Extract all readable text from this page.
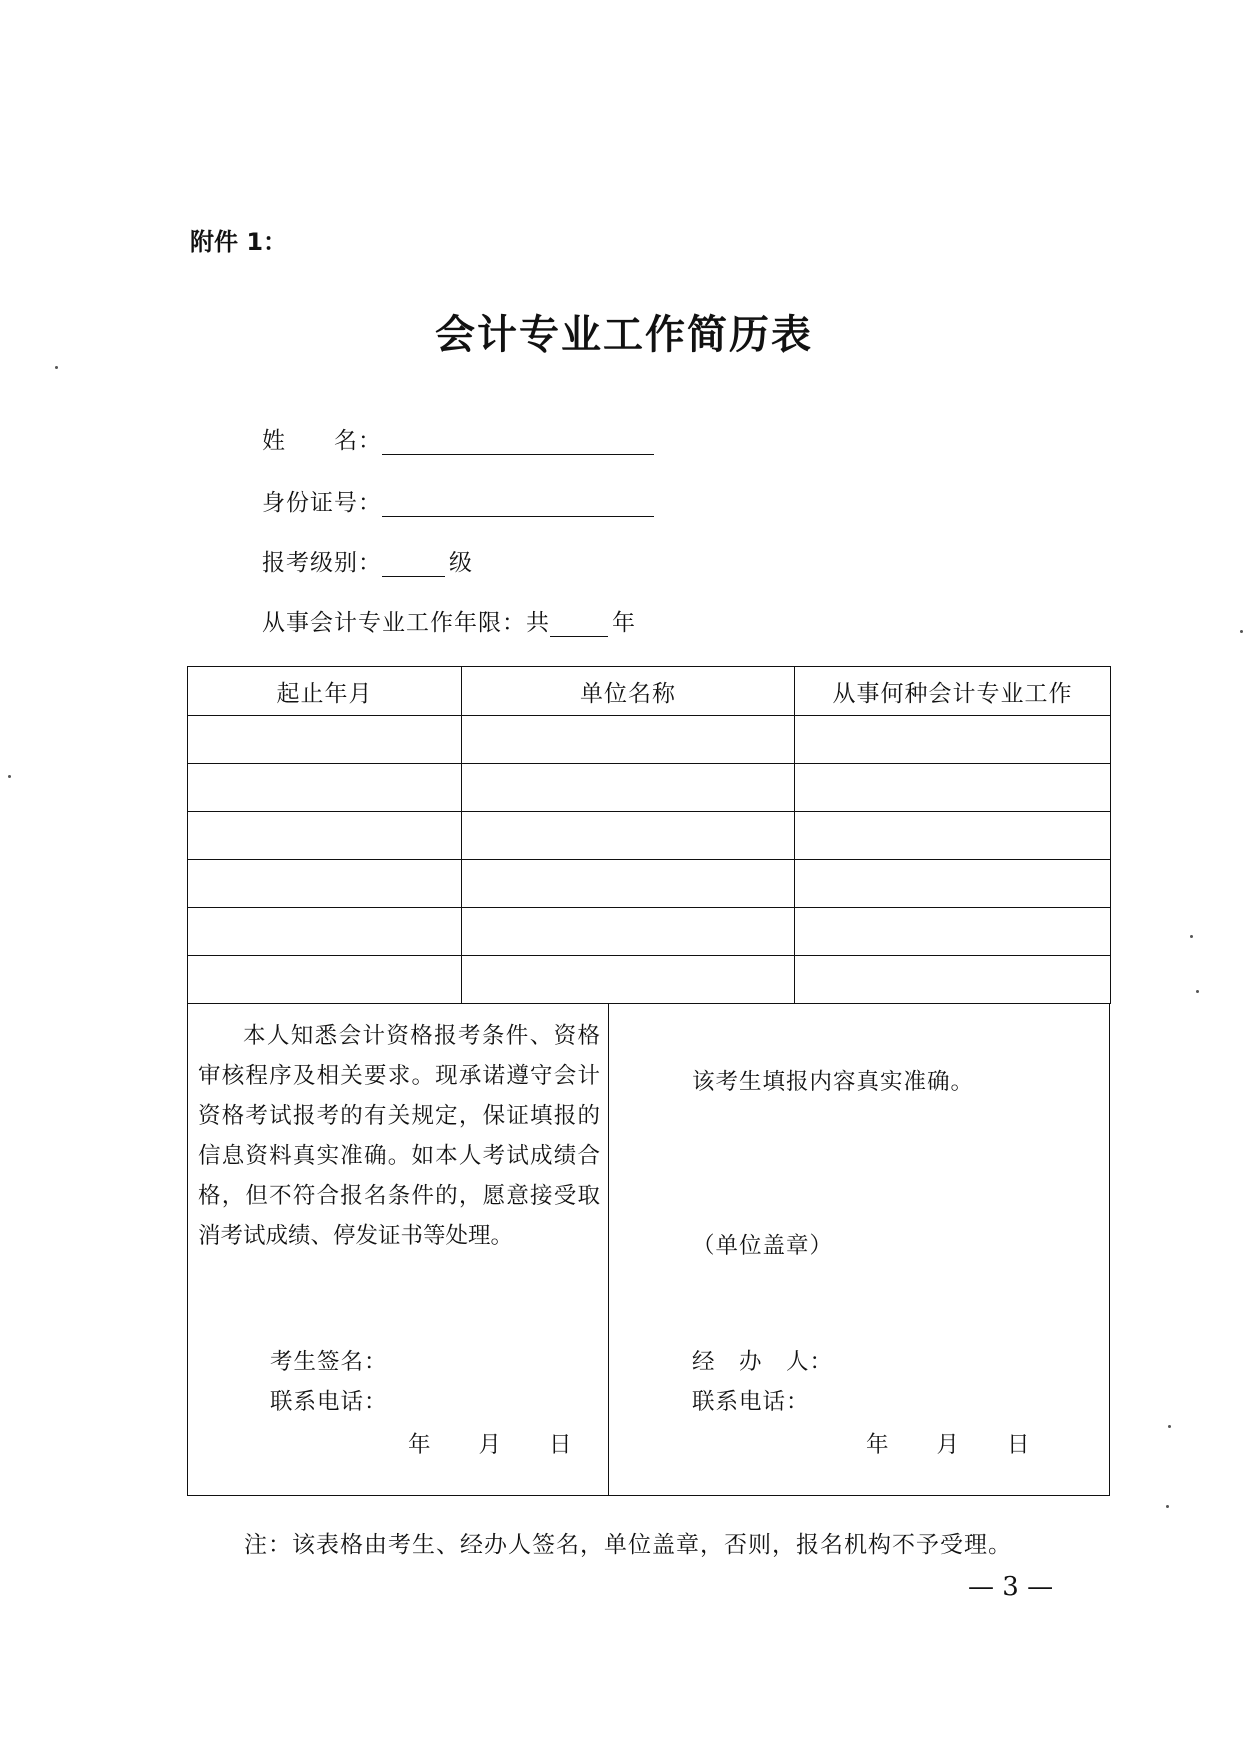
附件 1：
会计专业工作简历表
姓　　名：
身份证号：
报考级别：	级
从事会计专业工作年限：共	年
起止年月	单位名称	从事何种会计专业工作

本人知悉会计资格报考条件、资格审核程序及相关要求。现承诺遵守会计资格考试报考的有关规定，保证填报的信息资料真实准确。如本人考试成绩合格，但不符合报名条件的，愿意接受取消考试成绩、停发证书等处理。
考生签名：
联系电话：
年　　月　　日
该考生填报内容真实准确。
（单位盖章）
经　办　人：
联系电话：
年　　月　　日
注：该表格由考生、经办人签名，单位盖章，否则，报名机构不予受理。
— 3 —
